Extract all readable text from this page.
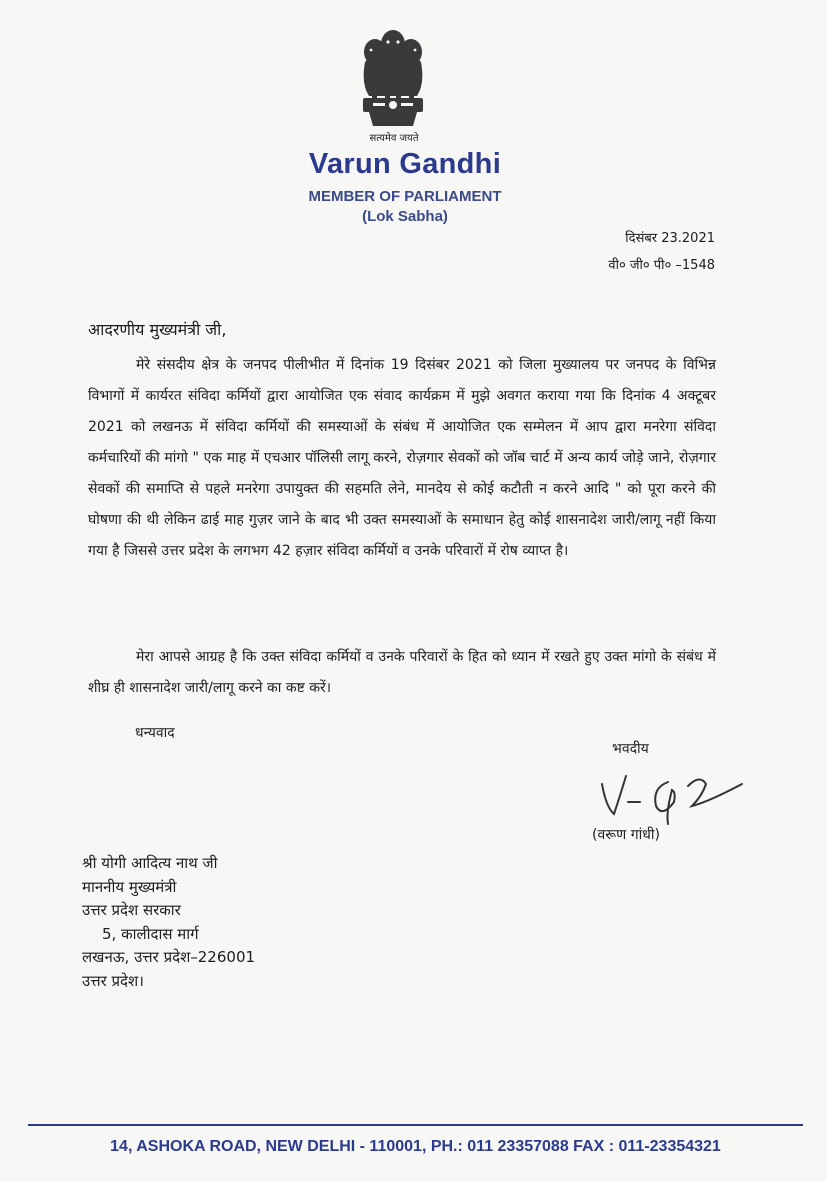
सत्यमेव जयते
Varun Gandhi
MEMBER OF PARLIAMENT
(Lok Sabha)
दिसंबर 23.2021
वी० जी० पी० –1548
आदरणीय मुख्यमंत्री जी,

मेरे संसदीय क्षेत्र के जनपद पीलीभीत में दिनांक 19 दिसंबर 2021 को जिला मुख्यालय पर जनपद के विभिन्न विभागों में कार्यरत संविदा कर्मियों द्वारा आयोजित एक संवाद कार्यक्रम में मुझे अवगत कराया गया कि दिनांक 4 अक्टूबर 2021 को लखनऊ में संविदा कर्मियों की समस्याओं के संबंध में आयोजित एक सम्मेलन में आप द्वारा मनरेगा संविदा कर्मचारियों की मांगो " एक माह में एचआर पॉलिसी लागू करने, रोज़गार सेवकों को जॉब चार्ट में अन्य कार्य जोड़े जाने, रोज़गार सेवकों की समाप्ति से पहले मनरेगा उपायुक्त की सहमति लेने, मानदेय से कोई कटौती न करने आदि " को पूरा करने की घोषणा की थी लेकिन ढाई माह गुज़र जाने के बाद भी उक्त समस्याओं के समाधान हेतु कोई शासनादेश जारी/लागू नहीं किया गया है जिससे उत्तर प्रदेश के लगभग 42 हज़ार संविदा कर्मियों व उनके परिवारों में रोष व्याप्त है।

मेरा आपसे आग्रह है कि उक्त संविदा कर्मियों व उनके परिवारों के हित को ध्यान में रखते हुए उक्त मांगो के संबंध में शीघ्र ही शासनादेश जारी/लागू करने का कष्ट करें।

धन्यवाद
भवदीय
(वरूण गांधी)
श्री योगी आदित्य नाथ जी
माननीय मुख्यमंत्री
उत्तर प्रदेश सरकार
5, कालीदास मार्ग
लखनऊ, उत्तर प्रदेश–226001
उत्तर प्रदेश।
14, ASHOKA ROAD, NEW DELHI - 110001, PH.: 011 23357088 FAX : 011-23354321
